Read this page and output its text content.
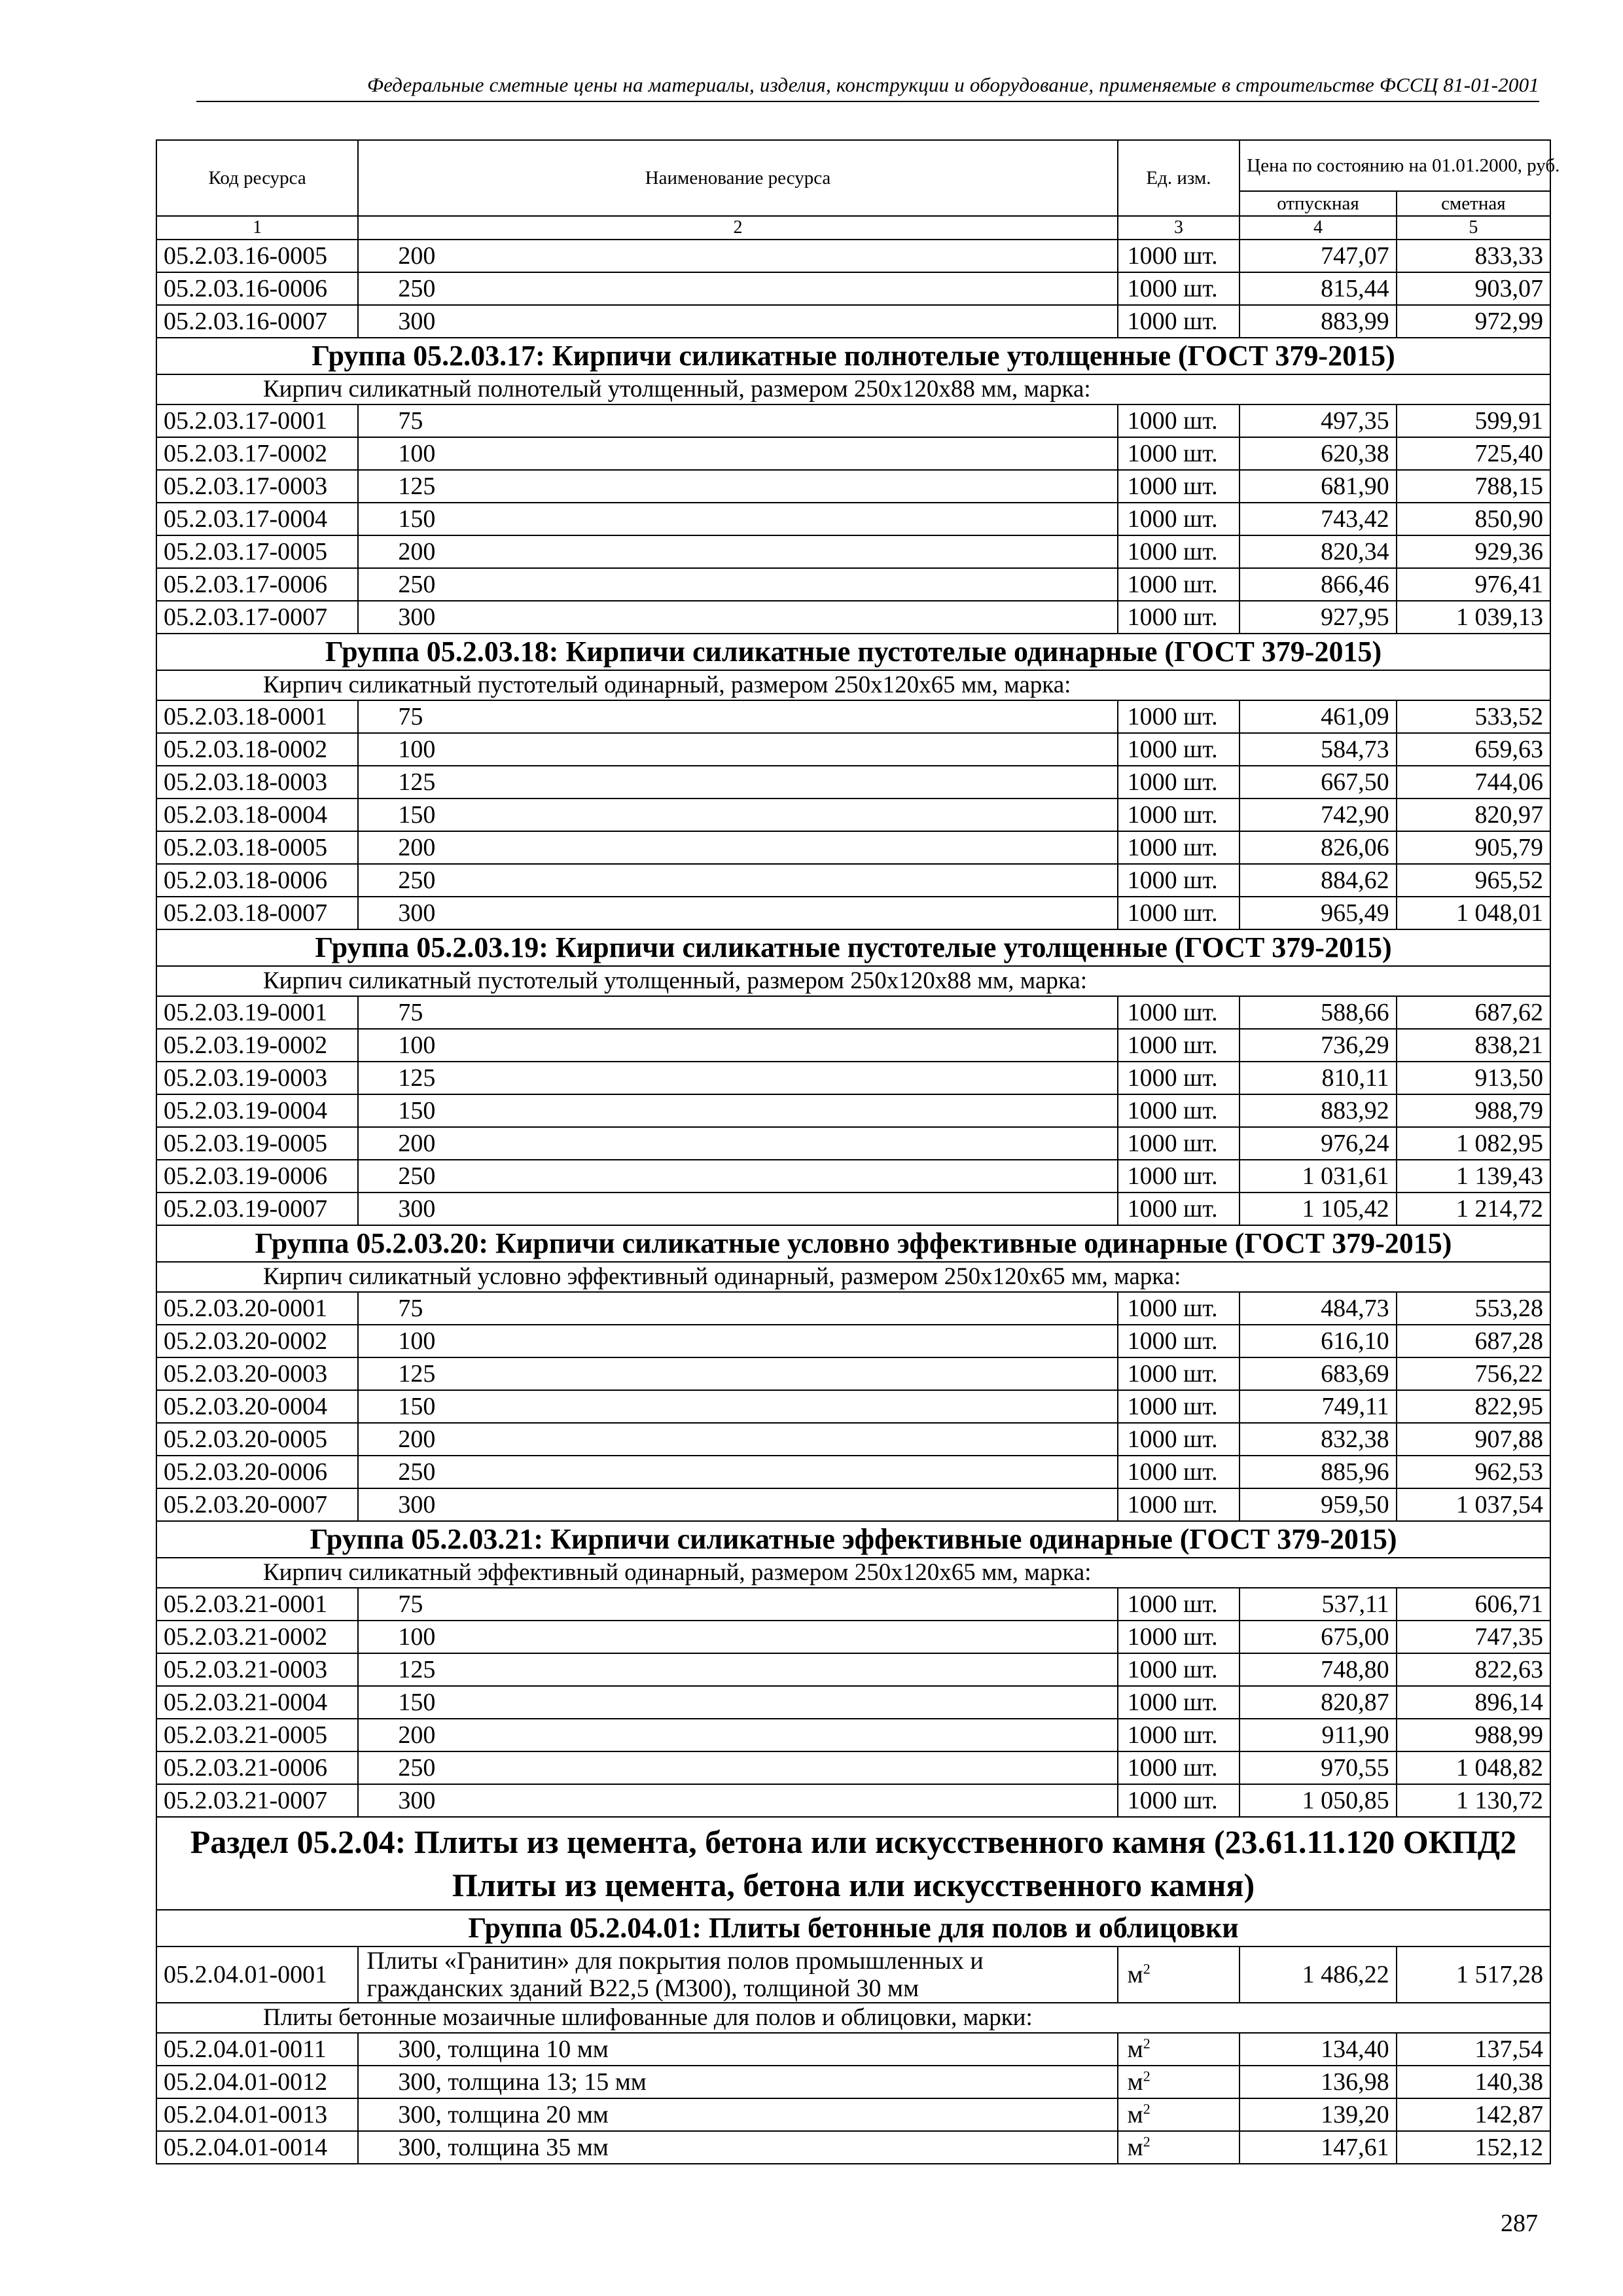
Федеральные сметные цены на материалы, изделия, конструкции и оборудование, применяемые в строительстве ФССЦ 81-01-2001
Код ресурса	Наименование ресурса	Ед. изм.	Цена по состоянию на 01.01.2000, руб.	
			отпускная	сметная
1	2	3	4	5
05.2.03.16-0005	200	1000 шт.	747,07	833,33
05.2.03.16-0006	250	1000 шт.	815,44	903,07
05.2.03.16-0007	300	1000 шт.	883,99	972,99
Группа 05.2.03.17: Кирпичи силикатные полнотелые утолщенные (ГОСТ 379-2015)				
Кирпич силикатный полнотелый утолщенный, размером 250х120х88 мм, марка:				
05.2.03.17-0001	75	1000 шт.	497,35	599,91
05.2.03.17-0002	100	1000 шт.	620,38	725,40
05.2.03.17-0003	125	1000 шт.	681,90	788,15
05.2.03.17-0004	150	1000 шт.	743,42	850,90
05.2.03.17-0005	200	1000 шт.	820,34	929,36
05.2.03.17-0006	250	1000 шт.	866,46	976,41
05.2.03.17-0007	300	1000 шт.	927,95	1 039,13
Группа 05.2.03.18: Кирпичи силикатные пустотелые одинарные (ГОСТ 379-2015)				
Кирпич силикатный пустотелый одинарный, размером 250х120х65 мм, марка:				
05.2.03.18-0001	75	1000 шт.	461,09	533,52
05.2.03.18-0002	100	1000 шт.	584,73	659,63
05.2.03.18-0003	125	1000 шт.	667,50	744,06
05.2.03.18-0004	150	1000 шт.	742,90	820,97
05.2.03.18-0005	200	1000 шт.	826,06	905,79
05.2.03.18-0006	250	1000 шт.	884,62	965,52
05.2.03.18-0007	300	1000 шт.	965,49	1 048,01
Группа 05.2.03.19: Кирпичи силикатные пустотелые утолщенные (ГОСТ 379-2015)				
Кирпич силикатный пустотелый утолщенный, размером 250х120х88 мм, марка:				
05.2.03.19-0001	75	1000 шт.	588,66	687,62
05.2.03.19-0002	100	1000 шт.	736,29	838,21
05.2.03.19-0003	125	1000 шт.	810,11	913,50
05.2.03.19-0004	150	1000 шт.	883,92	988,79
05.2.03.19-0005	200	1000 шт.	976,24	1 082,95
05.2.03.19-0006	250	1000 шт.	1 031,61	1 139,43
05.2.03.19-0007	300	1000 шт.	1 105,42	1 214,72
Группа 05.2.03.20: Кирпичи силикатные условно эффективные одинарные (ГОСТ 379-2015)				
Кирпич силикатный условно эффективный одинарный, размером 250х120х65 мм, марка:				
05.2.03.20-0001	75	1000 шт.	484,73	553,28
05.2.03.20-0002	100	1000 шт.	616,10	687,28
05.2.03.20-0003	125	1000 шт.	683,69	756,22
05.2.03.20-0004	150	1000 шт.	749,11	822,95
05.2.03.20-0005	200	1000 шт.	832,38	907,88
05.2.03.20-0006	250	1000 шт.	885,96	962,53
05.2.03.20-0007	300	1000 шт.	959,50	1 037,54
Группа 05.2.03.21: Кирпичи силикатные эффективные одинарные (ГОСТ 379-2015)				
Кирпич силикатный эффективный одинарный, размером 250х120х65 мм, марка:				
05.2.03.21-0001	75	1000 шт.	537,11	606,71
05.2.03.21-0002	100	1000 шт.	675,00	747,35
05.2.03.21-0003	125	1000 шт.	748,80	822,63
05.2.03.21-0004	150	1000 шт.	820,87	896,14
05.2.03.21-0005	200	1000 шт.	911,90	988,99
05.2.03.21-0006	250	1000 шт.	970,55	1 048,82
05.2.03.21-0007	300	1000 шт.	1 050,85	1 130,72
Раздел 05.2.04: Плиты из цемента, бетона или искусственного камня (23.61.11.120 ОКПД2 Плиты из цемента, бетона или искусственного камня)				
Группа 05.2.04.01: Плиты бетонные для полов и облицовки				
05.2.04.01-0001	Плиты «Гранитин» для покрытия полов промышленных и гражданских зданий В22,5 (М300), толщиной 30 мм	$м^2$	1 486,22	1 517,28
Плиты бетонные мозаичные шлифованные для полов и облицовки, марки:				
05.2.04.01-0011	300, толщина 10 мм	$м^2$	134,40	137,54
05.2.04.01-0012	300, толщина 13; 15 мм	$м^2$	136,98	140,38
05.2.04.01-0013	300, толщина 20 мм	$м^2$	139,20	142,87
05.2.04.01-0014	300, толщина 35 мм	$м^2$	147,61	152,12
287
